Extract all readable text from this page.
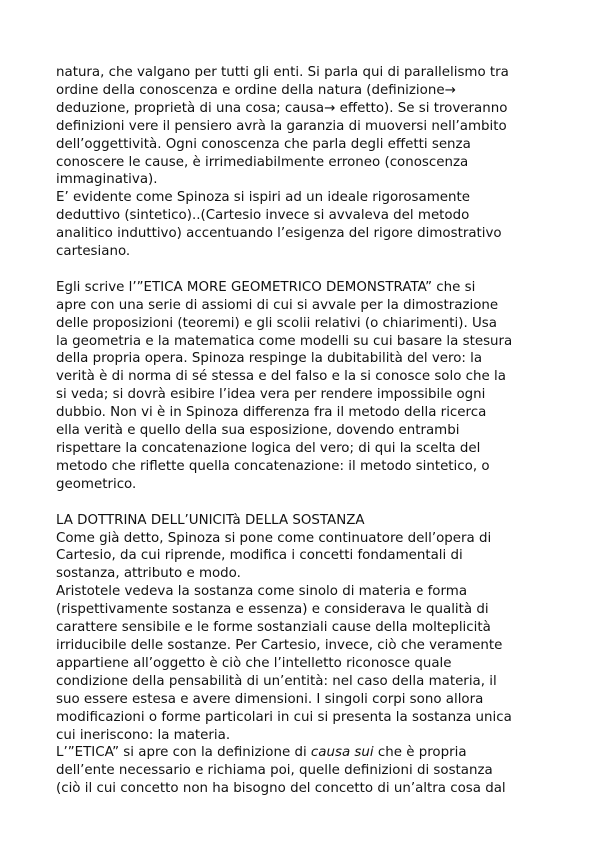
natura, che valgano per tutti gli enti. Si parla qui di parallelismo tra

ordine della conoscenza e ordine della natura (definizione→

deduzione, proprietà di una cosa; causa→ effetto). Se si troveranno

definizioni vere il pensiero avrà la garanzia di muoversi nell’ambito

dell’oggettività. Ogni conoscenza che parla degli effetti senza

conoscere le cause, è irrimediabilmente erroneo (conoscenza

immaginativa).

E’ evidente come Spinoza si ispiri ad un ideale rigorosamente

deduttivo (sintetico)..(Cartesio invece si avvaleva del metodo

analitico induttivo) accentuando l’esigenza del rigore dimostrativo

cartesiano.

Egli scrive l’”ETICA MORE GEOMETRICO DEMONSTRATA” che si

apre con una serie di assiomi di cui si avvale per la dimostrazione

delle proposizioni (teoremi) e gli scolii relativi (o chiarimenti). Usa

la geometria e la matematica come modelli su cui basare la stesura

della propria opera. Spinoza respinge la dubitabilità del vero: la

verità è di norma di sé stessa e del falso e la si conosce solo che la

si veda; si dovrà esibire l’idea vera per rendere impossibile ogni

dubbio. Non vi è in Spinoza differenza fra il metodo della ricerca

ella verità e quello della sua esposizione, dovendo entrambi

rispettare la concatenazione logica del vero; di qui la scelta del

metodo che riflette quella concatenazione: il metodo sintetico, o

geometrico.

LA DOTTRINA DELL’UNICITà DELLA SOSTANZA

Come già detto, Spinoza si pone come continuatore dell’opera di

Cartesio, da cui riprende, modifica i concetti fondamentali di

sostanza, attributo e modo.

Aristotele vedeva la sostanza come sinolo di materia e forma

(rispettivamente sostanza e essenza) e considerava le qualità di

carattere sensibile e le forme sostanziali cause della molteplicità

irriducibile delle sostanze. Per Cartesio, invece, ciò che veramente

appartiene all’oggetto è ciò che l’intelletto riconosce quale

condizione della pensabilità di un’entità: nel caso della materia, il

suo essere estesa e avere dimensioni. I singoli corpi sono allora

modificazioni o forme particolari in cui si presenta la sostanza unica

cui ineriscono: la materia.

L’”ETICA” si apre con la definizione di causa sui che è propria

dell’ente necessario e richiama poi, quelle definizioni di sostanza

(ciò il cui concetto non ha bisogno del concetto di un’altra cosa dal
